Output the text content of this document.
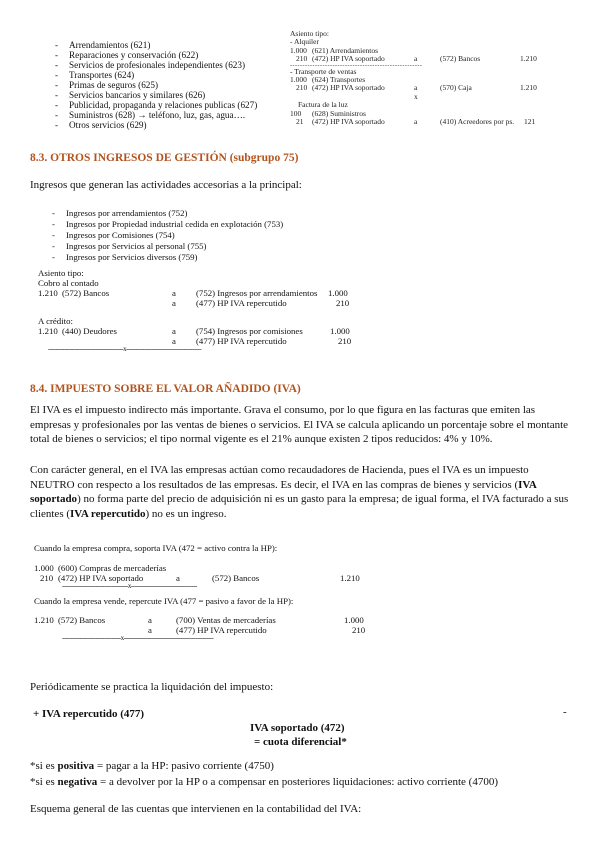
- Arrendamientos (621)
- Reparaciones y conservación (622)
- Servicios de profesionales independientes (623)
- Transportes (624)
- Primas de seguros (625)
- Servicios bancarios y similares (626)
- Publicidad, propaganda y relaciones publicas (627)
- Suministros (628) → teléfono, luz, gas, agua….
- Otros servicios (629)
Asiento tipo:
- Alquiler
1.000 (621) Arrendamientos
210 (472) HP IVA soportado	a	(572) Bancos	1.210
- - - - - - - - - - - - - - - - - - - - - - - - - - - - - - - - - - - - - - - - - - - - - - - - - - - - -
- Transporte de ventas
1.000 (624) Transportes
210 (472) HP IVA soportado	a	(570) Caja	1.210
x
Factura de la luz
100 (628) Suministros
21 (472) HP IVA soportado	a	(410) Acreedores por ps. 121
8.3. OTROS INGRESOS DE GESTIÓN (subgrupo 75)
Ingresos que generan las actividades accesorias a la principal:
- Ingresos por arrendamientos (752)
- Ingresos por Propiedad industrial cedida en explotación (753)
- Ingresos por Comisiones (754)
- Ingresos por Servicios al personal (755)
- Ingresos por Servicios diversos (759)
Asiento tipo:
Cobro al contado
1.210 (572) Bancos	a (752) Ingresos por arrendamientos 1.000
a (477) HP IVA repercutido	210
A crédito:
1.210 (440) Deudores	a (754) Ingresos por comisiones	1.000
a (477) HP IVA repercutido	210
-----------------------------------------x-----------------------------------------
8.4. IMPUESTO SOBRE EL VALOR AÑADIDO (IVA)

El IVA es el impuesto indirecto más importante. Grava el consumo, por lo que figura en las facturas que emiten las empresas y profesionales por las ventas de bienes o servicios. El IVA se calcula aplicando un porcentaje sobre el montante total de bienes o servicios; el tipo normal vigente es el 21% aunque existen 2 tipos reducidos: 4% y 10%.

Con carácter general, en el IVA las empresas actúan como recaudadores de Hacienda, pues el IVA es un impuesto NEUTRO con respecto a los resultados de las empresas. Es decir, el IVA en las compras de bienes y servicios (IVA soportado) no forma parte del precio de adquisición ni es un gasto para la empresa; de igual forma, el IVA facturado a sus clientes (IVA repercutido) no es un ingreso.

Cuando la empresa compra, soporta IVA (472 = activo contra la HP):
1.000 (600) Compras de mercaderías
210 (472) HP IVA soportado	a	(572) Bancos	1.210
------------------------------------x------------------------------------
Cuando la empresa vende, repercute IVA (477 = pasivo a favor de la HP):
1.210 (572) Bancos	a	(700) Ventas de mercaderías	1.000
a	(477) HP IVA repercutido	210
--------------------------------x-------------------------------------------------
Periódicamente se practica la liquidación del impuesto:
+ IVA repercutido (477)	-
IVA soportado (472)
= cuota diferencial*
*si es positiva = pagar a la HP: pasivo corriente (4750)
*si es negativa = a devolver por la HP o a compensar en posteriores liquidaciones: activo corriente (4700)
Esquema general de las cuentas que intervienen en la contabilidad del IVA:
